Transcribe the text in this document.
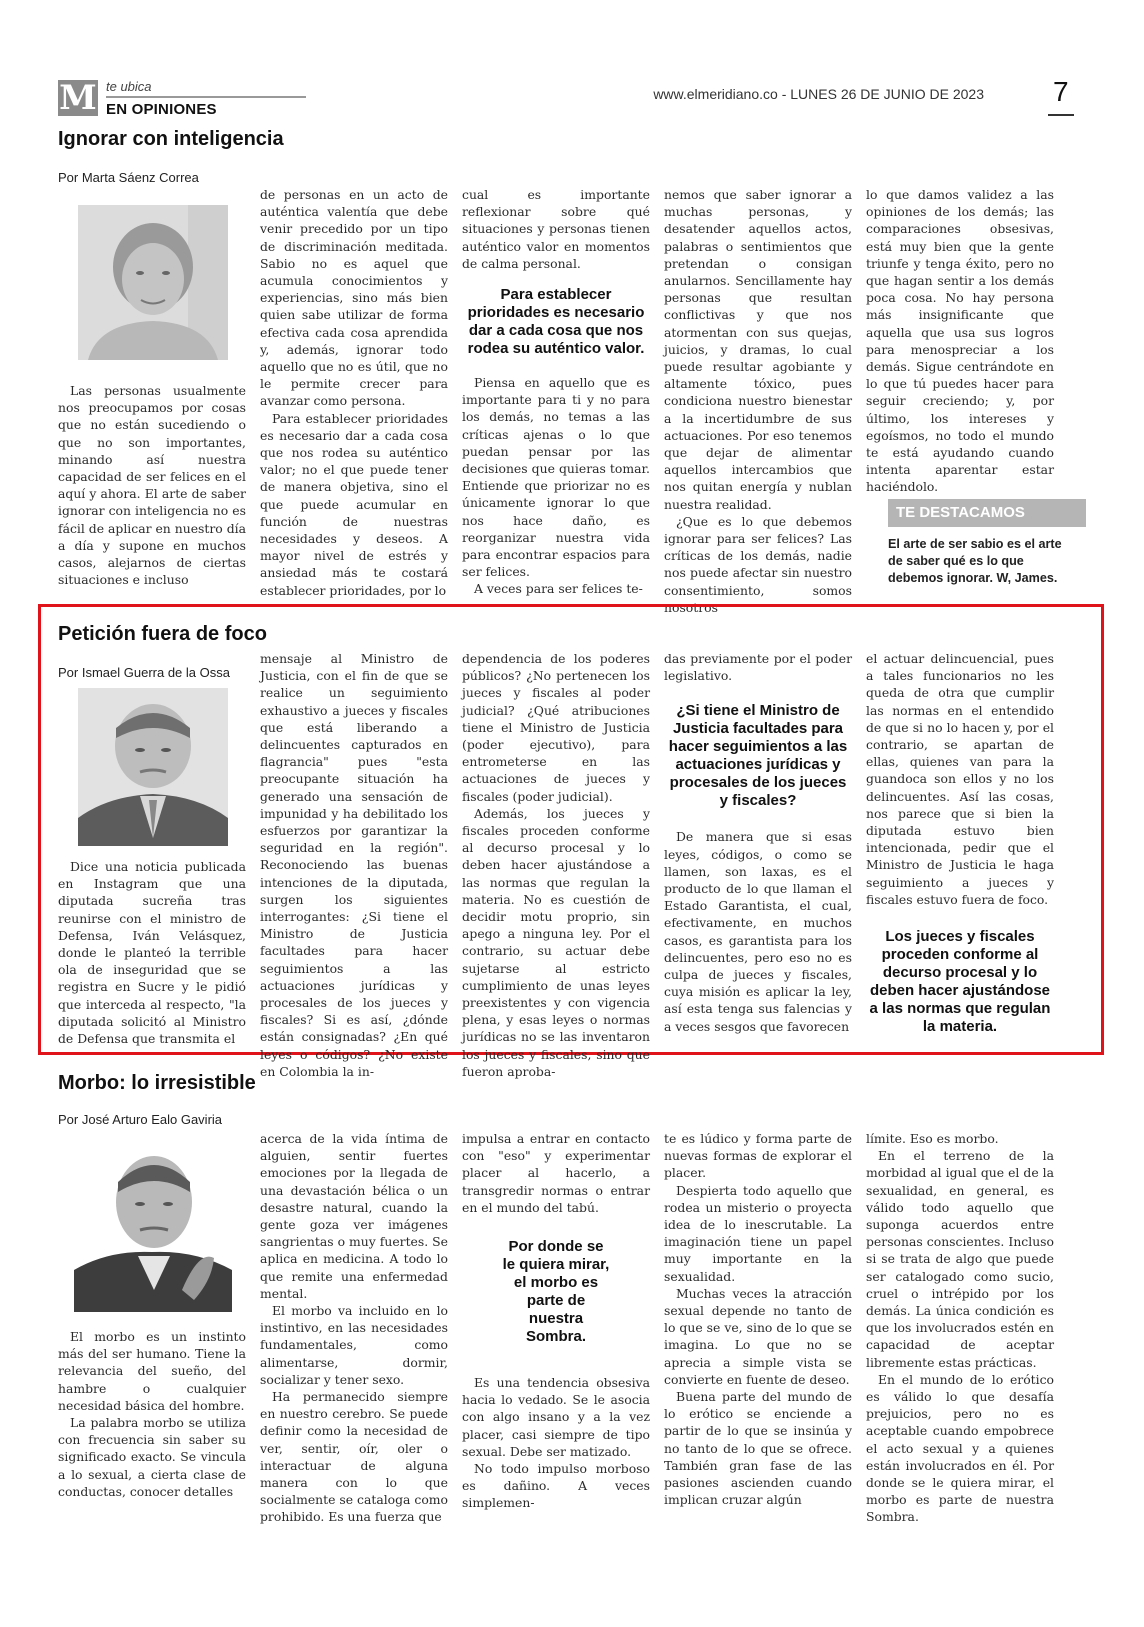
M te ubica
EN OPINIONES
www.elmeridiano.co - LUNES 26 DE JUNIO DE 2023 7
Ignorar con inteligencia
Por Marta Sáenz Correa

Las personas usualmente nos preocupamos por cosas que no están sucediendo o que no son importantes, minando así nuestra capacidad de ser felices en el aquí y ahora. El arte de saber ignorar con inteligencia no es fácil de aplicar en nuestro día a día y supone en muchos casos, alejarnos de ciertas situaciones e incluso

de personas en un acto de auténtica valentía que debe venir precedido por un tipo de discriminación meditada. Sabio no es aquel que acumula conocimientos y experiencias, sino más bien quien sabe utilizar de forma efectiva cada cosa aprendida y, además, ignorar todo aquello que no es útil, que no le permite crecer para avanzar como persona.

Para establecer prioridades es necesario dar a cada cosa que nos rodea su auténtico valor; no el que puede tener de manera objetiva, sino el que puede acumular en función de nuestras necesidades y deseos. A mayor nivel de estrés y ansiedad más te costará establecer prioridades, por lo

cual es importante reflexionar sobre qué situaciones y personas tienen auténtico valor en momentos de calma personal.

Para establecer prioridades es necesario dar a cada cosa que nos rodea su auténtico valor.

Piensa en aquello que es importante para ti y no para los demás, no temas a las críticas ajenas o lo que puedan pensar por las decisiones que quieras tomar. Entiende que priorizar no es únicamente ignorar lo que nos hace daño, es reorganizar nuestra vida para encontrar espacios para ser felices.

A veces para ser felices te-

nemos que saber ignorar a muchas personas, y desatender aquellos actos, palabras o sentimientos que pretendan o consigan anularnos. Sencillamente hay personas que resultan conflictivas y que nos atormentan con sus quejas, juicios, y dramas, lo cual puede resultar agobiante y altamente tóxico, pues condiciona nuestro bienestar a la incertidumbre de sus actuaciones. Por eso tenemos que dejar de alimentar aquellos intercambios que nos quitan energía y nublan nuestra realidad.

¿Que es lo que debemos ignorar para ser felices? Las críticas de los demás, nadie nos puede afectar sin nuestro consentimiento, somos nosotros

lo que damos validez a las opiniones de los demás; las comparaciones obsesivas, está muy bien que la gente triunfe y tenga éxito, pero no que hagan sentir a los demás poca cosa. No hay persona más insignificante que aquella que usa sus logros para menospreciar a los demás. Sigue centrándote en lo que tú puedes hacer para seguir creciendo; y, por último, los intereses y egoísmos, no todo el mundo te está ayudando cuando intenta aparentar estar haciéndolo.

TE DESTACAMOS
El arte de ser sabio es el arte de saber qué es lo que debemos ignorar. W, James.
Petición fuera de foco
Por Ismael Guerra de la Ossa

Dice una noticia publicada en Instagram que una diputada sucreña tras reunirse con el ministro de Defensa, Iván Velásquez, donde le planteó la terrible ola de inseguridad que se registra en Sucre y le pidió que interceda al respecto, "la diputada solicitó al Ministro de Defensa que transmita el

mensaje al Ministro de Justicia, con el fin de que se realice un seguimiento exhaustivo a jueces y fiscales que está liberando a delincuentes capturados en flagrancia" pues "esta preocupante situación ha generado una sensación de impunidad y ha debilitado los esfuerzos por garantizar la seguridad en la región". Reconociendo las buenas intenciones de la diputada, surgen los siguientes interrogantes: ¿Si tiene el Ministro de Justicia facultades para hacer seguimientos a las actuaciones jurídicas y procesales de los jueces y fiscales? Si es así, ¿dónde están consignadas? ¿En qué leyes o códigos? ¿No existe en Colombia la in-

dependencia de los poderes públicos? ¿No pertenecen los jueces y fiscales al poder judicial? ¿Qué atribuciones tiene el Ministro de Justicia (poder ejecutivo), para entrometerse en las actuaciones de jueces y fiscales (poder judicial).

Además, los jueces y fiscales proceden conforme al decurso procesal y lo deben hacer ajustándose a las normas que regulan la materia. No es cuestión de decidir motu proprio, sin apego a ninguna ley. Por el contrario, su actuar debe sujetarse al estricto cumplimiento de unas leyes preexistentes y con vigencia plena, y esas leyes o normas jurídicas no se las inventaron los jueces y fiscales, sino que fueron aproba-

das previamente por el poder legislativo.

¿Si tiene el Ministro de Justicia facultades para hacer seguimientos a las actuaciones jurídicas y procesales de los jueces y fiscales?

De manera que si esas leyes, códigos, o como se llamen, son laxas, es el producto de lo que llaman el Estado Garantista, el cual, efectivamente, en muchos casos, es garantista para los delincuentes, pero eso no es culpa de jueces y fiscales, cuya misión es aplicar la ley, así esta tenga sus falencias y a veces sesgos que favorecen

el actuar delincuencial, pues a tales funcionarios no les queda de otra que cumplir las normas en el entendido de que si no lo hacen y, por el contrario, se apartan de ellas, quienes van para la guandoca son ellos y no los delincuentes. Así las cosas, nos parece que si bien la diputada estuvo bien intencionada, pedir que el Ministro de Justicia le haga seguimiento a jueces y fiscales estuvo fuera de foco.

Los jueces y fiscales proceden conforme al decurso procesal y lo deben hacer ajustándose a las normas que regulan la materia.
Morbo: lo irresistible
Por José Arturo Ealo Gaviria

El morbo es un instinto más del ser humano. Tiene la relevancia del sueño, del hambre o cualquier necesidad básica del hombre.

La palabra morbo se utiliza con frecuencia sin saber su significado exacto. Se vincula a lo sexual, a cierta clase de conductas, conocer detalles

acerca de la vida íntima de alguien, sentir fuertes emociones por la llegada de una devastación bélica o un desastre natural, cuando la gente goza ver imágenes sangrientas o muy fuertes. Se aplica en medicina. A todo lo que remite una enfermedad mental.

El morbo va incluido en lo instintivo, en las necesidades fundamentales, como alimentarse, dormir, socializar y tener sexo.

Ha permanecido siempre en nuestro cerebro. Se puede definir como la necesidad de ver, sentir, oír, oler o interactuar de alguna manera con lo que socialmente se cataloga como prohibido. Es una fuerza que

impulsa a entrar en contacto con "eso" y experimentar placer al hacerlo, a transgredir normas o entrar en el mundo del tabú.

Por donde se le quiera mirar, el morbo es parte de nuestra Sombra.

Es una tendencia obsesiva hacia lo vedado. Se le asocia con algo insano y a la vez placer, casi siempre de tipo sexual. Debe ser matizado.

No todo impulso morboso es dañino. A veces simplemen-

te es lúdico y forma parte de nuevas formas de explorar el placer.

Despierta todo aquello que rodea un misterio o proyecta idea de lo inescrutable. La imaginación tiene un papel muy importante en la sexualidad.

Muchas veces la atracción sexual depende no tanto de lo que se ve, sino de lo que se imagina. Lo que no se aprecia a simple vista se convierte en fuente de deseo.

Buena parte del mundo de lo erótico se enciende a partir de lo que se insinúa y no tanto de lo que se ofrece. También gran fase de las pasiones ascienden cuando implican cruzar algún

límite. Eso es morbo.

En el terreno de la morbidad al igual que el de la sexualidad, en general, es válido todo aquello que suponga acuerdos entre personas conscientes. Incluso si se trata de algo que puede ser catalogado como sucio, cruel o intrépido por los demás. La única condición es que los involucrados estén en capacidad de aceptar libremente estas prácticas.

En el mundo de lo erótico es válido lo que desafía prejuicios, pero no es aceptable cuando empobrece el acto sexual y a quienes están involucrados en él. Por donde se le quiera mirar, el morbo es parte de nuestra Sombra.
